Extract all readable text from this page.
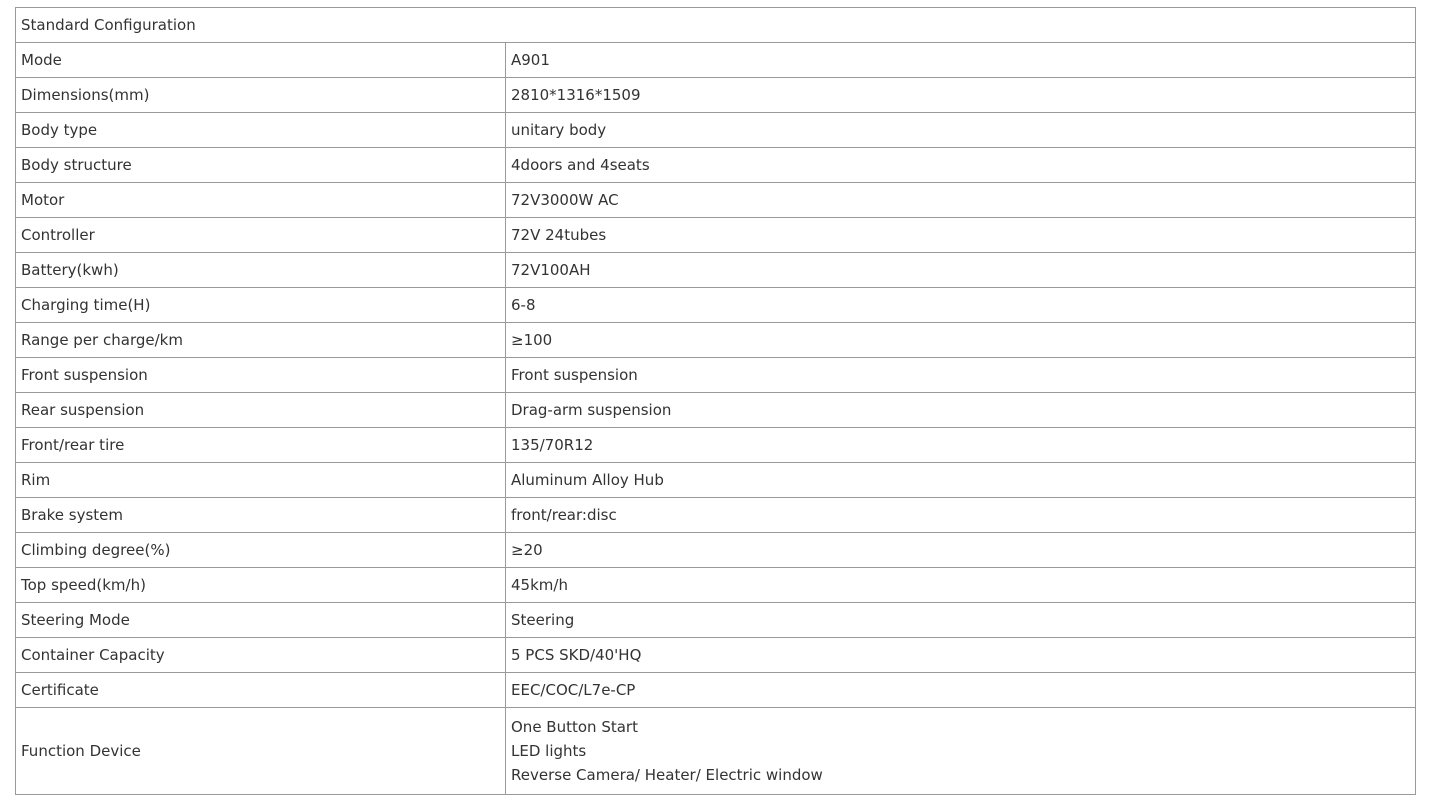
Standard Configuration	
Mode	A901
Dimensions(mm)	2810*1316*1509
Body type	unitary body
Body structure	4doors and 4seats
Motor	72V3000W AC
Controller	72V 24tubes
Battery(kwh)	72V100AH
Charging time(H)	6-8
Range per charge/km	≥100
Front suspension	Front suspension
Rear suspension	Drag-arm suspension
Front/rear tire	135/70R12
Rim	Aluminum Alloy Hub
Brake system	front/rear:disc
Climbing degree(%)	≥20
Top speed(km/h)	45km/h
Steering Mode	Steering
Container Capacity	5 PCS SKD/40'HQ
Certificate	EEC/COC/L7e-CP
Function Device	One Button Start
LED lights
Reverse Camera/ Heater/ Electric window
